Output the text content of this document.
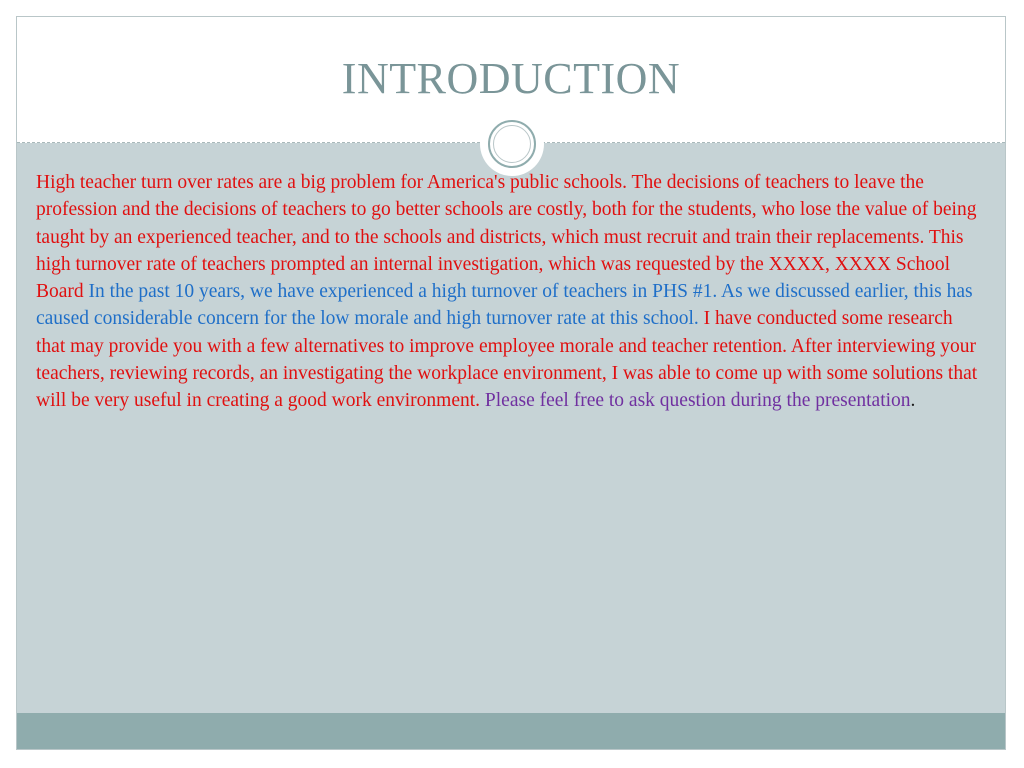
INTRODUCTION

High teacher turn over rates are a big problem for America's public schools. The decisions of teachers to leave the profession and the decisions of teachers to go better schools are costly, both for the students, who lose the value of being taught by an experienced teacher, and to the schools and districts, which must recruit and train their replacements. This high turnover rate of teachers prompted an internal investigation, which was requested by the XXXX, XXXX School Board In the past 10 years, we have experienced a high turnover of teachers in PHS #1. As we discussed earlier, this has caused considerable concern for the low morale and high turnover rate at this school. I have conducted some research that may provide you with a few alternatives to improve employee morale and teacher retention. After interviewing your teachers, reviewing records, an investigating the workplace environment, I was able to come up with some solutions that will be very useful in creating a good work environment. Please feel free to ask question during the presentation.
